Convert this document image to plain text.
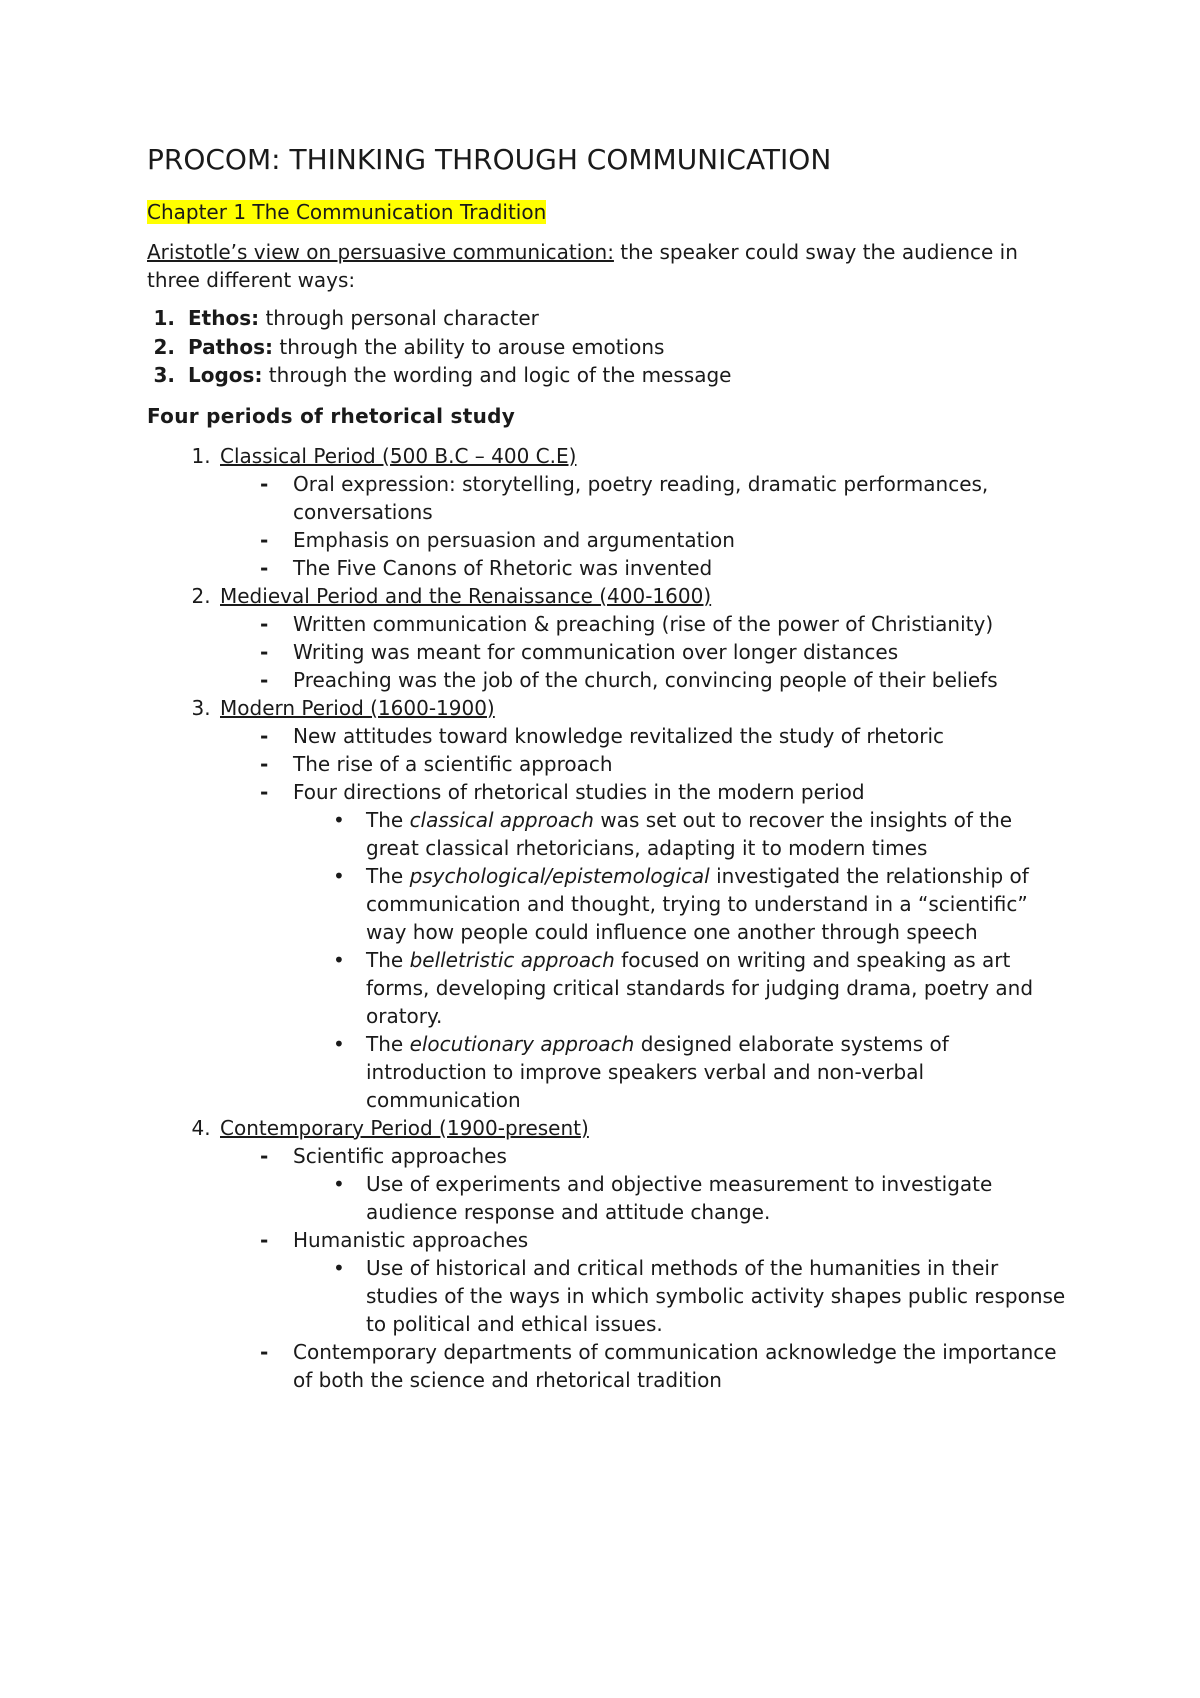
PROCOM: THINKING THROUGH COMMUNICATION
Chapter 1 The Communication Tradition

Aristotle’s view on persuasive communication: the speaker could sway the audience in three different ways:

1. Ethos: through personal character
2. Pathos: through the ability to arouse emotions
3. Logos: through the wording and logic of the message
Four periods of rhetorical study
1. Classical Period (500 B.C – 400 C.E)
- Oral expression: storytelling, poetry reading, dramatic performances, conversations
- Emphasis on persuasion and argumentation
- The Five Canons of Rhetoric was invented
2. Medieval Period and the Renaissance (400-1600)
- Written communication & preaching (rise of the power of Christianity)
- Writing was meant for communication over longer distances
- Preaching was the job of the church, convincing people of their beliefs
3. Modern Period (1600-1900)
- New attitudes toward knowledge revitalized the study of rhetoric
- The rise of a scientific approach
- Four directions of rhetorical studies in the modern period
• The classical approach was set out to recover the insights of the great classical rhetoricians, adapting it to modern times
• The psychological/epistemological investigated the relationship of communication and thought, trying to understand in a “scientific” way how people could influence one another through speech
• The belletristic approach focused on writing and speaking as art forms, developing critical standards for judging drama, poetry and oratory.
• The elocutionary approach designed elaborate systems of introduction to improve speakers verbal and non-verbal communication
4. Contemporary Period (1900-present)
- Scientific approaches
• Use of experiments and objective measurement to investigate audience response and attitude change.
- Humanistic approaches
• Use of historical and critical methods of the humanities in their studies of the ways in which symbolic activity shapes public response to political and ethical issues.
- Contemporary departments of communication acknowledge the importance of both the science and rhetorical tradition
